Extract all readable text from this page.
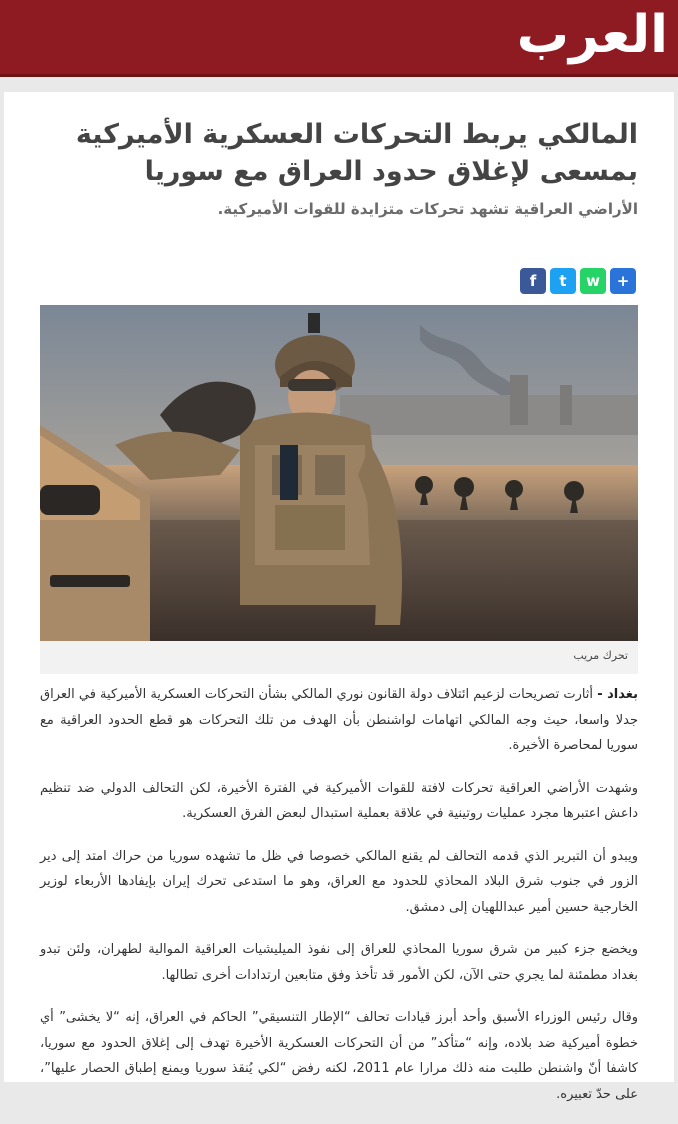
العرب
المالكي يربط التحركات العسكرية الأميركية بمسعى لإغلاق حدود العراق مع سوريا
الأراضي العراقية تشهد تحركات متزايدة للقوات الأميركية.
f	t	w	+
تحرك مريب

بغداد - أثارت تصريحات لزعيم ائتلاف دولة القانون نوري المالكي بشأن التحركات العسكرية الأميركية في العراق جدلا واسعا، حيث وجه المالكي اتهامات لواشنطن بأن الهدف من تلك التحركات هو قطع الحدود العراقية مع سوريا لمحاصرة الأخيرة.

وشهدت الأراضي العراقية تحركات لافتة للقوات الأميركية في الفترة الأخيرة، لكن التحالف الدولي ضد تنظيم داعش اعتبرها مجرد عمليات روتينية في علاقة بعملية استبدال لبعض الفرق العسكرية.

ويبدو أن التبرير الذي قدمه التحالف لم يقنع المالكي خصوصا في ظل ما تشهده سوريا من حراك امتد إلى دير الزور في جنوب شرق البلاد المحاذي للحدود مع العراق، وهو ما استدعى تحرك إيران بإيفادها الأربعاء لوزير الخارجية حسين أمير عبداللهيان إلى دمشق.

ويخضع جزء كبير من شرق سوريا المحاذي للعراق إلى نفوذ الميليشيات العراقية الموالية لطهران، ولئن تبدو بغداد مطمئنة لما يجري حتى الآن، لكن الأمور قد تأخذ وفق متابعين ارتدادات أخرى تطالها.

وقال رئيس الوزراء الأسبق وأحد أبرز قيادات تحالف “الإطار التنسيقي” الحاكم في العراق، إنه “لا يخشى” أي خطوة أميركية ضد بلاده، وإنه “متأكد” من أن التحركات العسكرية الأخيرة تهدف إلى إغلاق الحدود مع سوريا، كاشفا أنّ واشنطن طلبت منه ذلك مرارا عام 2011، لكنه رفض “لكي يُنقذ سوريا ويمنع إطباق الحصار عليها”، على حدّ تعبيره.
